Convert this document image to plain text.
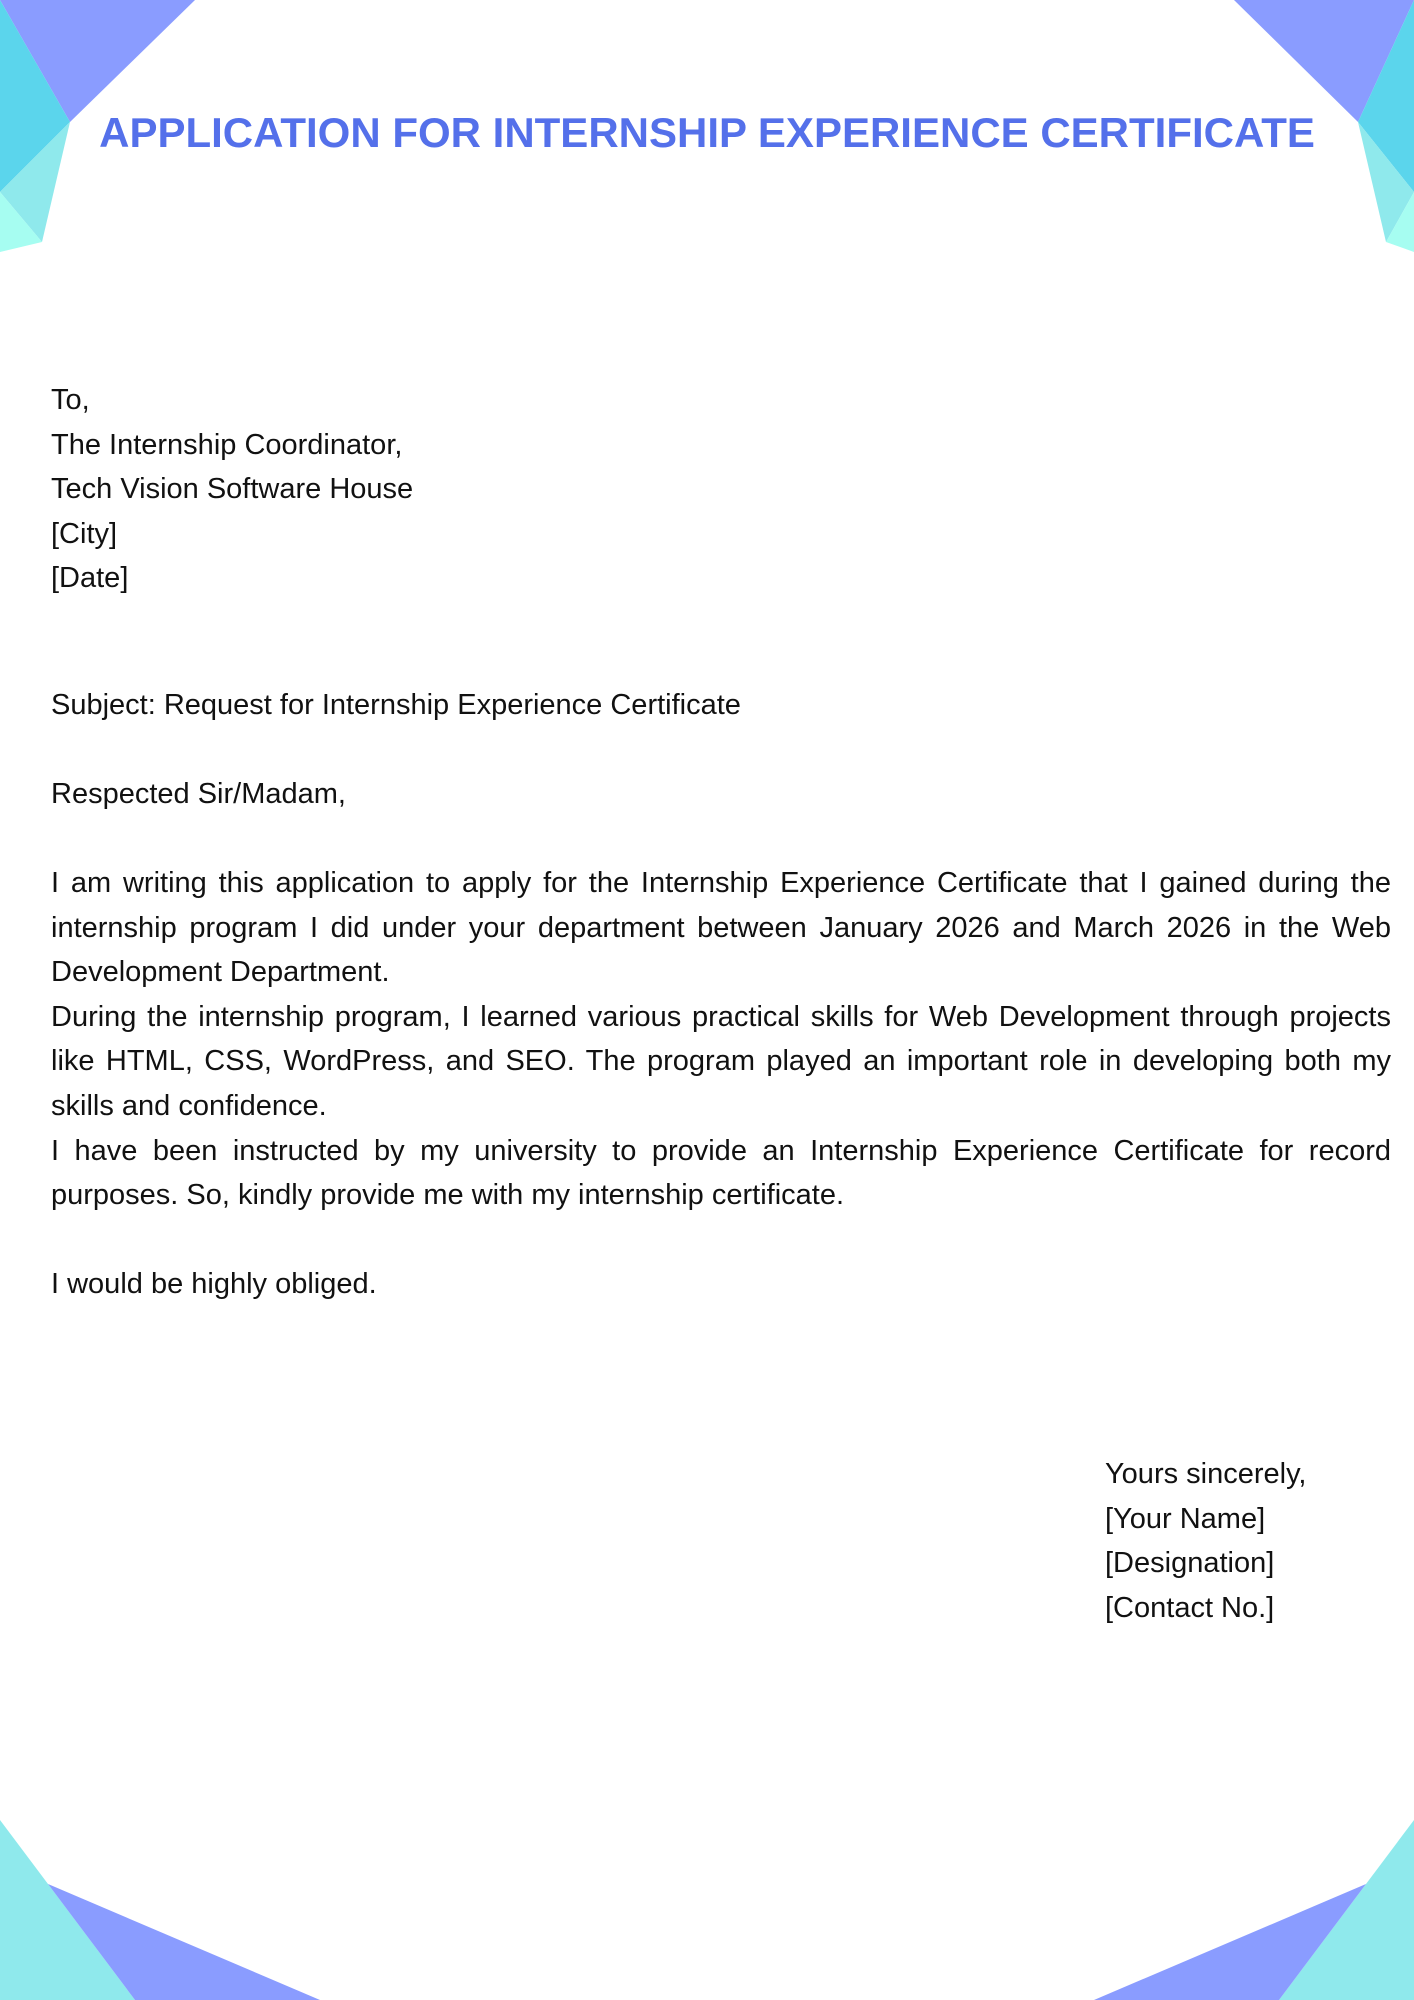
APPLICATION FOR INTERNSHIP EXPERIENCE CERTIFICATE
To,
The Internship Coordinator,
Tech Vision Software House
[City]
[Date]
Subject: Request for Internship Experience Certificate
Respected Sir/Madam,

I am writing this application to apply for the Internship Experience Certificate that I gained during the internship program I did under your department between January 2026 and March 2026 in the Web Development Department.

During the internship program, I learned various practical skills for Web Development through projects like HTML, CSS, WordPress, and SEO. The program played an important role in developing both my skills and confidence.

I have been instructed by my university to provide an Internship Experience Certificate for record purposes. So, kindly provide me with my internship certificate.

I would be highly obliged.
Yours sincerely,
[Your Name]
[Designation]
[Contact No.]
